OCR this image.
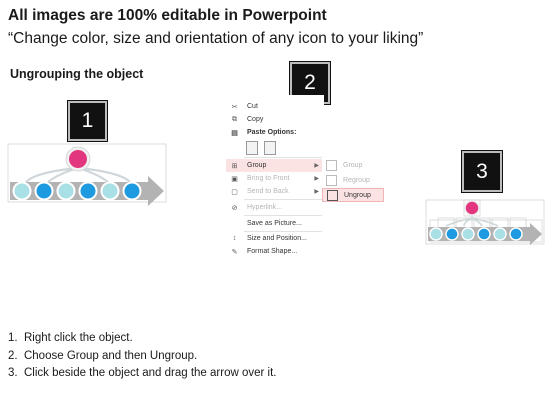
All images are 100% editable in Powerpoint
“Change color, size and orientation of any icon to your liking”
Ungrouping the object
1
2
3
✂	Cut
⧉	Copy
▤	Paste Options:
⊞	Group	▶
▣	Bring to Front	▶
▢	Send to Back	▶
⊘	Hyperlink...
Save as Picture...
↕	Size and Position...
✎	Format Shape...
Group
Regroup
Ungroup
1.  Right click the object.
2.  Choose Group and then Ungroup.
3.  Click beside the object and drag the arrow over it.
